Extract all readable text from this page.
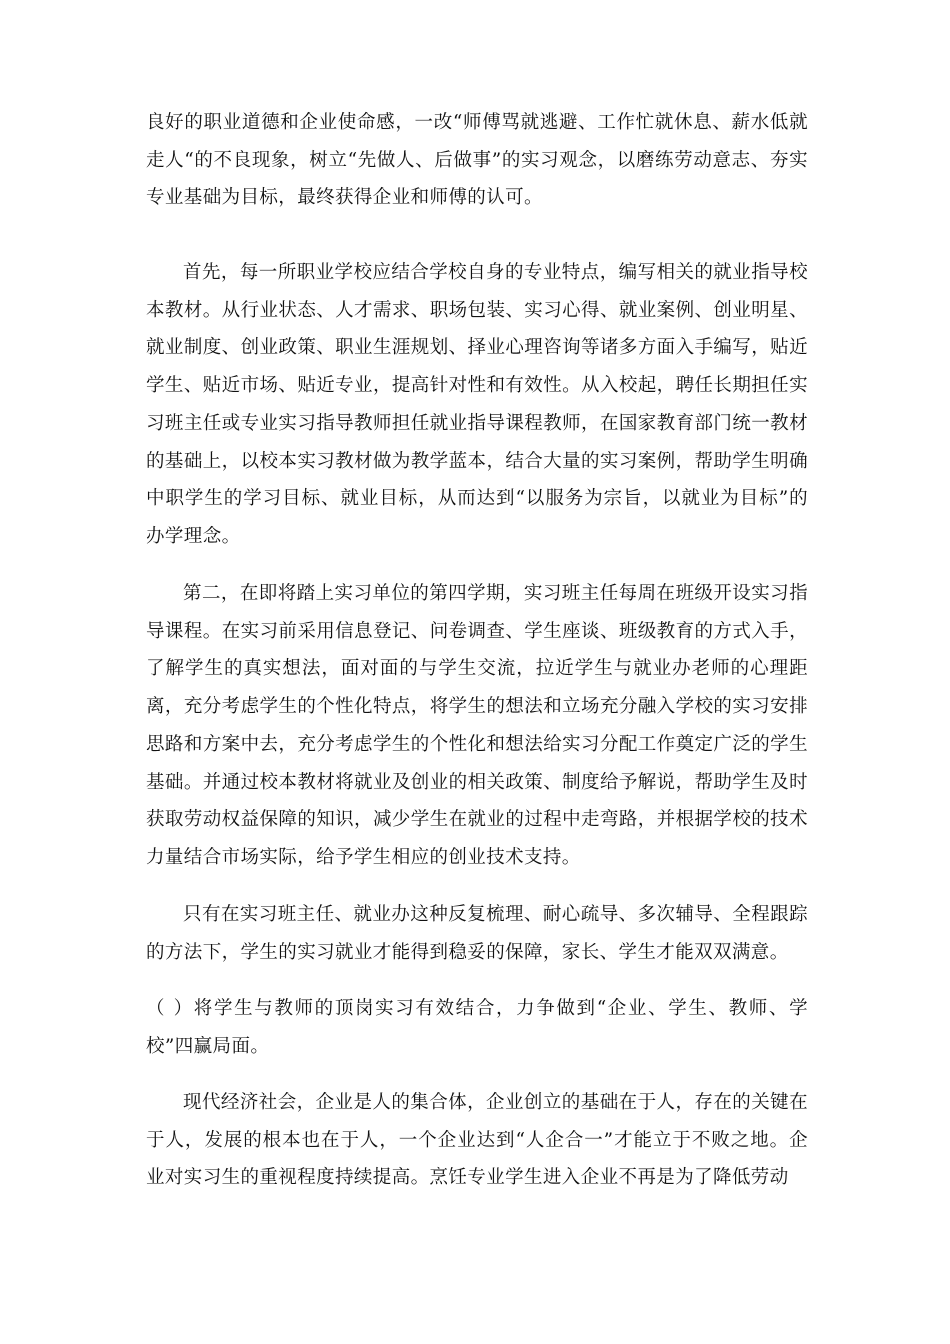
良好的职业道德和企业使命感，一改“师傅骂就逃避、工作忙就休息、薪水低就走人“的不良现象，树立“先做人、后做事”的实习观念，以磨练劳动意志、夯实专业基础为目标，最终获得企业和师傅的认可。

首先，每一所职业学校应结合学校自身的专业特点，编写相关的就业指导校本教材。从行业状态、人才需求、职场包装、实习心得、就业案例、创业明星、就业制度、创业政策、职业生涯规划、择业心理咨询等诸多方面入手编写，贴近学生、贴近市场、贴近专业，提高针对性和有效性。从入校起，聘任长期担任实习班主任或专业实习指导教师担任就业指导课程教师，在国家教育部门统一教材的基础上，以校本实习教材做为教学蓝本，结合大量的实习案例，帮助学生明确中职学生的学习目标、就业目标，从而达到“以服务为宗旨，以就业为目标”的办学理念。

第二，在即将踏上实习单位的第四学期，实习班主任每周在班级开设实习指导课程。在实习前采用信息登记、问卷调查、学生座谈、班级教育的方式入手，了解学生的真实想法，面对面的与学生交流，拉近学生与就业办老师的心理距离，充分考虑学生的个性化特点，将学生的想法和立场充分融入学校的实习安排思路和方案中去，充分考虑学生的个性化和想法给实习分配工作奠定广泛的学生基础。并通过校本教材将就业及创业的相关政策、制度给予解说，帮助学生及时获取劳动权益保障的知识，减少学生在就业的过程中走弯路，并根据学校的技术力量结合市场实际，给予学生相应的创业技术支持。

只有在实习班主任、就业办这种反复梳理、耐心疏导、多次辅导、全程跟踪的方法下，学生的实习就业才能得到稳妥的保障，家长、学生才能双双满意。

（ ）将学生与教师的顶岗实习有效结合，力争做到“企业、学生、教师、学校”四赢局面。

现代经济社会，企业是人的集合体，企业创立的基础在于人，存在的关键在于人，发展的根本也在于人，一个企业达到“人企合一”才能立于不败之地。企业对实习生的重视程度持续提高。烹饪专业学生进入企业不再是为了降低劳动
